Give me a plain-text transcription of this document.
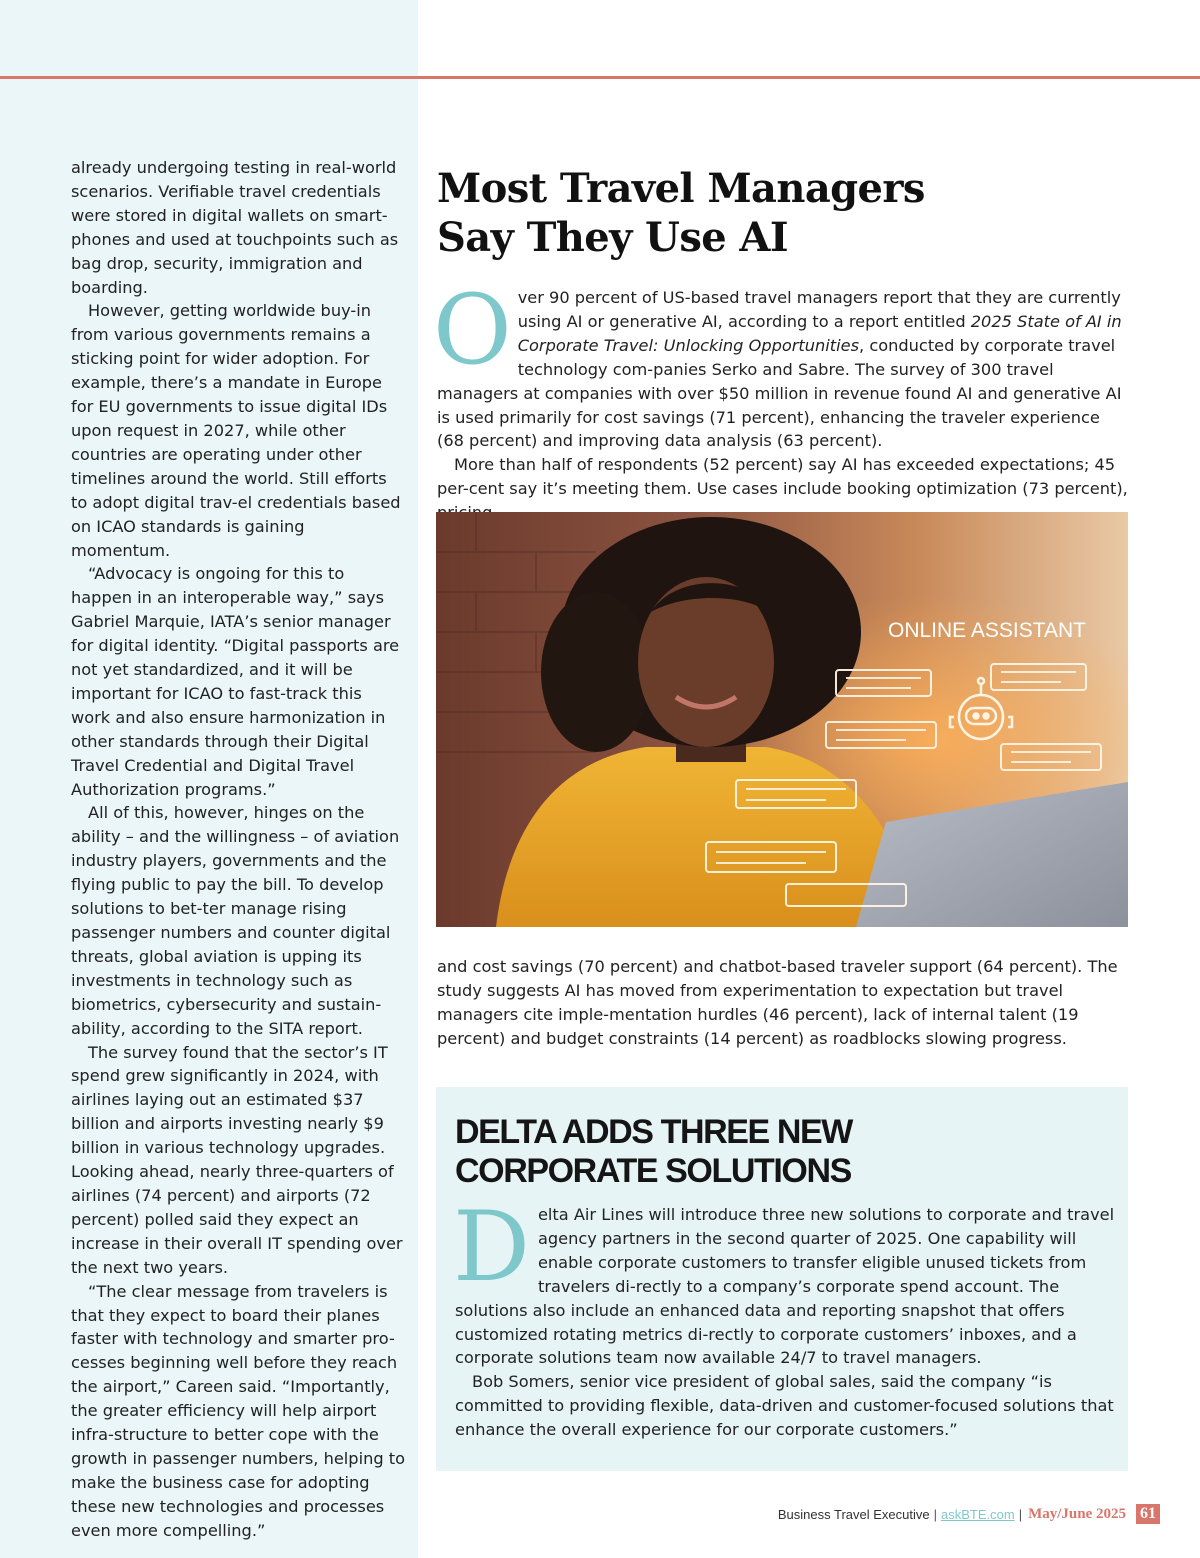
already undergoing testing in real-world scenarios. Verifiable travel credentials were stored in digital wallets on smart-phones and used at touchpoints such as bag drop, security, immigration and boarding.

However, getting worldwide buy-in from various governments remains a sticking point for wider adoption. For example, there’s a mandate in Europe for EU governments to issue digital IDs upon request in 2027, while other countries are operating under other timelines around the world. Still efforts to adopt digital trav-el credentials based on ICAO standards is gaining momentum.

“Advocacy is ongoing for this to happen in an interoperable way,” says Gabriel Marquie, IATA’s senior manager for digital identity. “Digital passports are not yet standardized, and it will be important for ICAO to fast-track this work and also ensure harmonization in other standards through their Digital Travel Credential and Digital Travel Authorization programs.”

All of this, however, hinges on the ability – and the willingness – of aviation industry players, governments and the flying public to pay the bill. To develop solutions to bet-ter manage rising passenger numbers and counter digital threats, global aviation is upping its investments in technology such as biometrics, cybersecurity and sustain-ability, according to the SITA report.

The survey found that the sector’s IT spend grew significantly in 2024, with airlines laying out an estimated $37 billion and airports investing nearly $9 billion in various technology upgrades. Looking ahead, nearly three-quarters of airlines (74 percent) and airports (72 percent) polled said they expect an increase in their overall IT spending over the next two years.

“The clear message from travelers is that they expect to board their planes faster with technology and smarter pro-cesses beginning well before they reach the airport,” Careen said. “Importantly, the greater efficiency will help airport infra-structure to better cope with the growth in passenger numbers, helping to make the business case for adopting these new technologies and processes even more compelling.”

Most Travel Managers
Say They Use AI

Over 90 percent of US-based travel managers report that they are currently using AI or generative AI, according to a report entitled 2025 State of AI in Corporate Travel: Unlocking Opportunities, conducted by corporate travel technology com-panies Serko and Sabre. The survey of 300 travel managers at companies with over $50 million in revenue found AI and generative AI is used primarily for cost savings (71 percent), enhancing the traveler experience (68 percent) and improving data analysis (63 percent).

More than half of respondents (52 percent) say AI has exceeded expectations; 45 per-cent say it’s meeting them. Use cases include booking optimization (73 percent),

ONLINE ASSISTANT

and cost savings (70 percent) and chatbot-based traveler support (64 percent). The study suggests AI has moved from experimentation to expectation but travel managers cite imple-mentation hurdles (46 percent), lack of internal talent (19 percent) and budget constraints (14 percent) as roadblocks slowing progress.

DELTA ADDS THREE NEW
CORPORATE SOLUTIONS

Delta Air Lines will introduce three new solutions to corporate and travel agency partners in the second quarter of 2025. One capability will enable corporate customers to transfer eligible unused tickets from travelers di-rectly to a company’s corporate spend account. The solutions also include an enhanced data and reporting snapshot that offers customized rotating metrics di-rectly to corporate customers’ inboxes, and a corporate solutions team now available 24/7 to travel managers.

Bob Somers, senior vice president of global sales, said the company “is committed to providing flexible, data-driven and customer-focused solutions that enhance the overall experience for our corporate customers.”

Business Travel Executive | askBTE.com | May/June 2025 61
